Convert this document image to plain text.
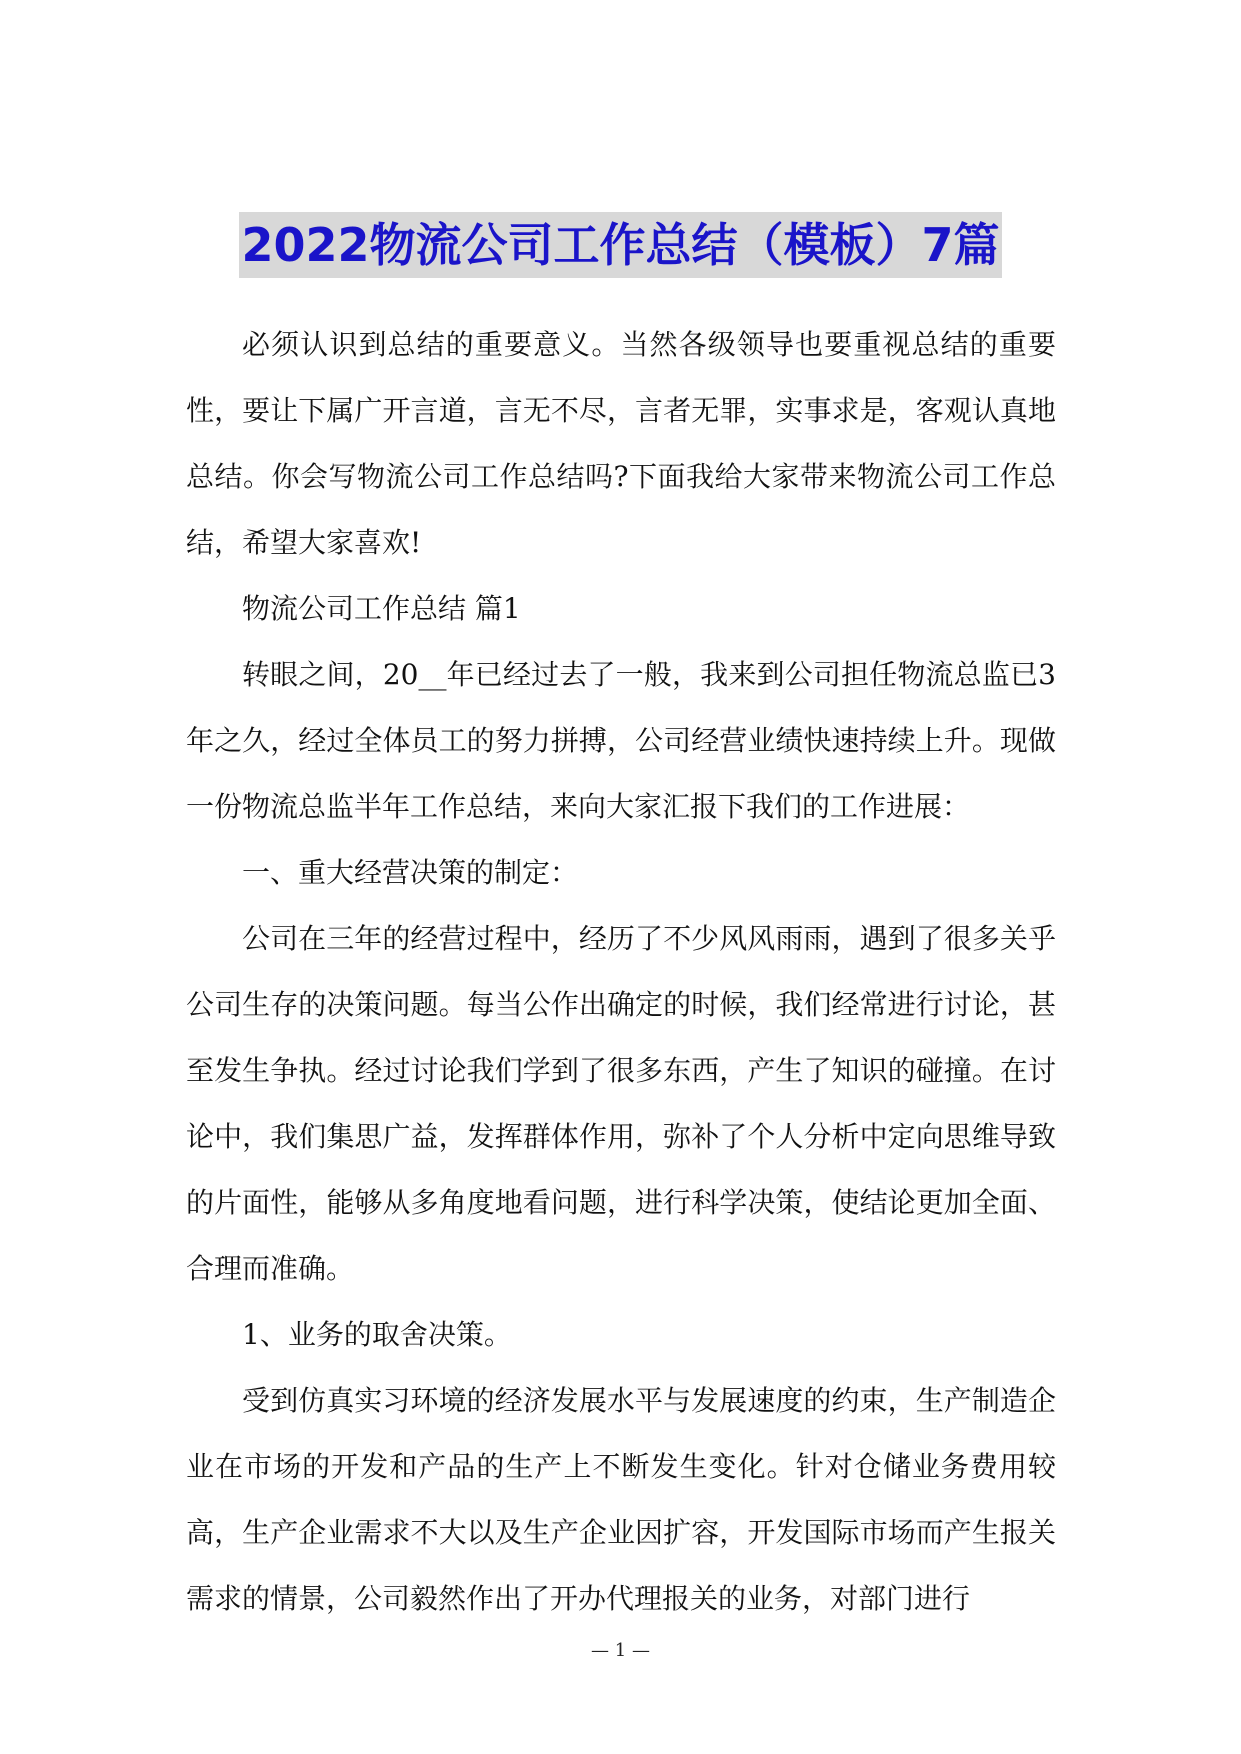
2022物流公司工作总结（模板）7篇

必须认识到总结的重要意义。当然各级领导也要重视总结的重要性，要让下属广开言道，言无不尽，言者无罪，实事求是，客观认真地总结。你会写物流公司工作总结吗?下面我给大家带来物流公司工作总结，希望大家喜欢!

物流公司工作总结 篇1

转眼之间，20__年已经过去了一般，我来到公司担任物流总监已3年之久，经过全体员工的努力拼搏，公司经营业绩快速持续上升。现做一份物流总监半年工作总结，来向大家汇报下我们的工作进展：

一、重大经营决策的制定：

公司在三年的经营过程中，经历了不少风风雨雨，遇到了很多关乎公司生存的决策问题。每当公作出确定的时候，我们经常进行讨论，甚至发生争执。经过讨论我们学到了很多东西，产生了知识的碰撞。在讨论中，我们集思广益，发挥群体作用，弥补了个人分析中定向思维导致的片面性，能够从多角度地看问题，进行科学决策，使结论更加全面、合理而准确。

1、业务的取舍决策。

受到仿真实习环境的经济发展水平与发展速度的约束，生产制造企业在市场的开发和产品的生产上不断发生变化。针对仓储业务费用较高，生产企业需求不大以及生产企业因扩容，开发国际市场而产生报关需求的情景，公司毅然作出了开办代理报关的业务，对部门进行

— 1 —
